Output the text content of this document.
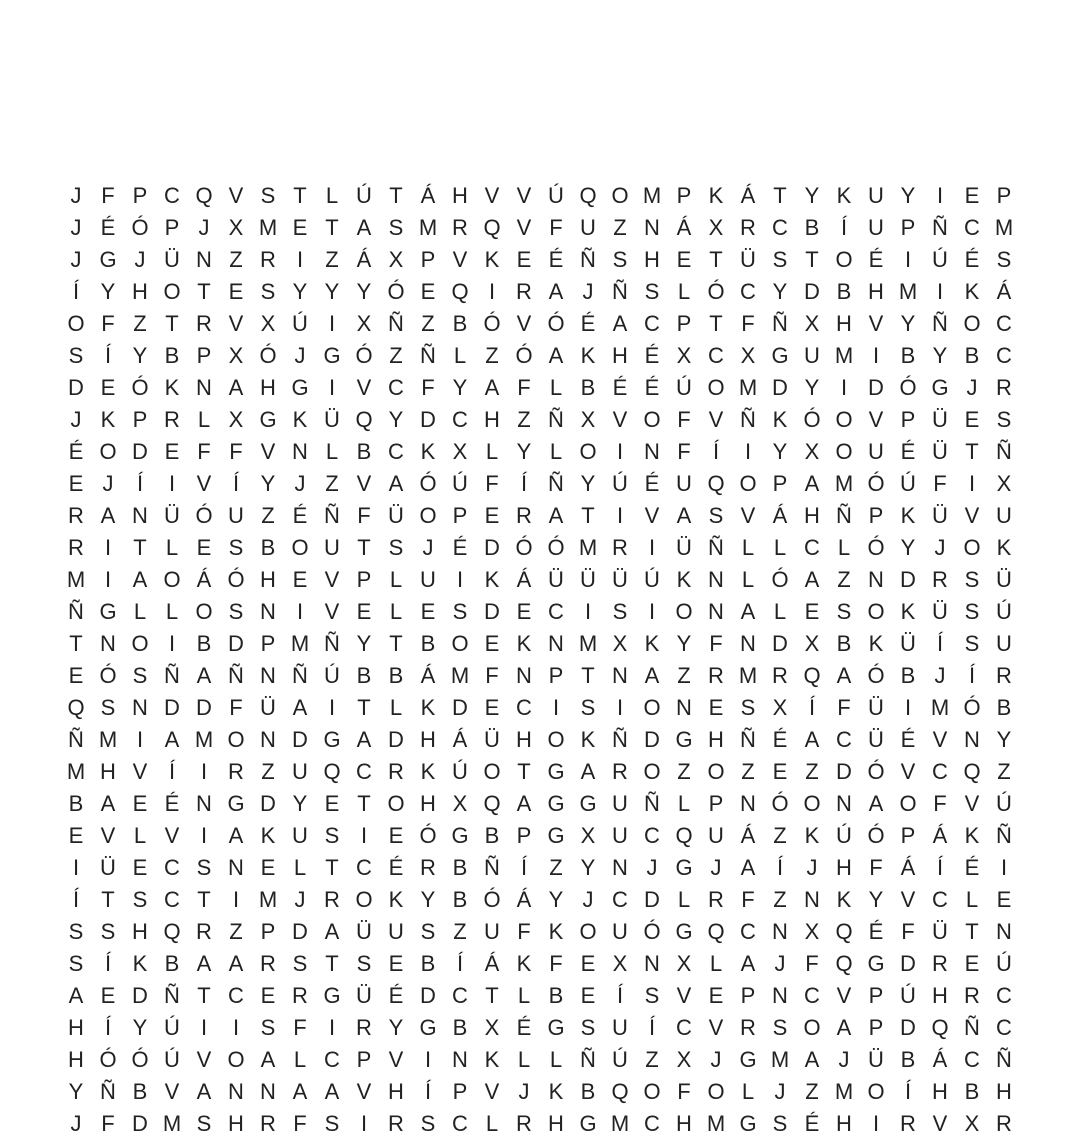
J F P C Q V S T L Ú T Á H V V Ú Q O M P K Á T Y K U Y I E P
J É Ó P J X M E T A S M R Q V F U Z N Á X R C B Í U P Ñ C M
J G J Ü N Z R I	Z Á X P V K E É Ñ S H E T Ü S T O É I Ú É S
Í Y H O T E S Y Y Y Ó E Q I R A J Ñ S L Ó C Y D B H M I K Á
O F Z T R V X Ú I X Ñ Z B Ó V Ó É A C P T F Ñ X H V Y Ñ O C
S Í Y B P X Ó J G Ó Z Ñ L Z Ó A K H É X C X G U M I B Y B C
D E Ó K N A H G I V C F Y A F L B É É Ú O M D Y I D Ó G J R
J K P R L X G K Ü Q Y D C H Z Ñ X V O F V Ñ K Ó O V P Ü E S
É O D E F F V N L B C K X L Y L O I N F	Í	I Y X O U É Ü T Ñ
E J	Í	I V Í Y J Z V A Ó Ú F	Í Ñ Y Ú É U Q O P A M Ó Ú F	I X
R A N Ü Ó U Z É Ñ F Ü O P E R A T	I V A S V Á H Ñ P K Ü V U
R I	T L E S B O U T S J É D Ó Ó M R I Ü Ñ L L C L Ó Y J O K
M I A O Á Ó H E V P L U I K Á Ü Ü Ü Ú K N L Ó A Z N D R S Ü
Ñ G L L O S N I V E L E S D E C I S I O N A L E S O K Ü S Ú
T N O I B D P M Ñ Y T B O E K N M X K Y F N D X B K Ü Í S U
E Ó S Ñ A Ñ N Ñ Ú B B Á M F N P T N A Z R M R Q A Ó B J	Í R
Q S N D D F Ü A I	T L K D E C I S I O N E S X Í	F Ü I M Ó B
Ñ M I A M O N D G A D H Á Ü H O K Ñ D G H Ñ É A C Ü É V N Y
M H V Í	I R Z U Q C R K Ú O T G A R O Z O Z E Z D Ó V C Q Z
B A E É N G D Y E T O H X Q A G G U Ñ L P N Ó O N A O F V Ú
E V L V I A K U S I E Ó G B P G X U C Q U Á Z K Ú Ó P Á K Ñ
I Ü E C S N E L T C É R B Ñ Í	Z Y N J G J A Í	J H F Á Í É I
Í	T S C T	I M J R O K Y B Ó Á Y J C D L R F Z N K Y V C L E
S S H Q R Z P D A Ü U S Z U F K O U Ó G Q C N X Q É F Ü T N
S Í K B A A R S T S E B Í Á K F E X N X L A J F Q G D R E Ú
A E D Ñ T C E R G Ü É D C T L B E Í S V E P N C V P Ú H R C
H Í Y Ú I	I S F	I R Y G B X É G S U Í C V R S O A P D Q Ñ C
H Ó Ó Ú V O A L C P V I N K L L Ñ Ú Z X J G M A J Ü B Á C Ñ
Y Ñ B V A N N A A V H Í P V J K B Q O F O L J Z M O Í H B H
J F D M S H R F S I R S C L R H G M C H M G S É H I R V X R
